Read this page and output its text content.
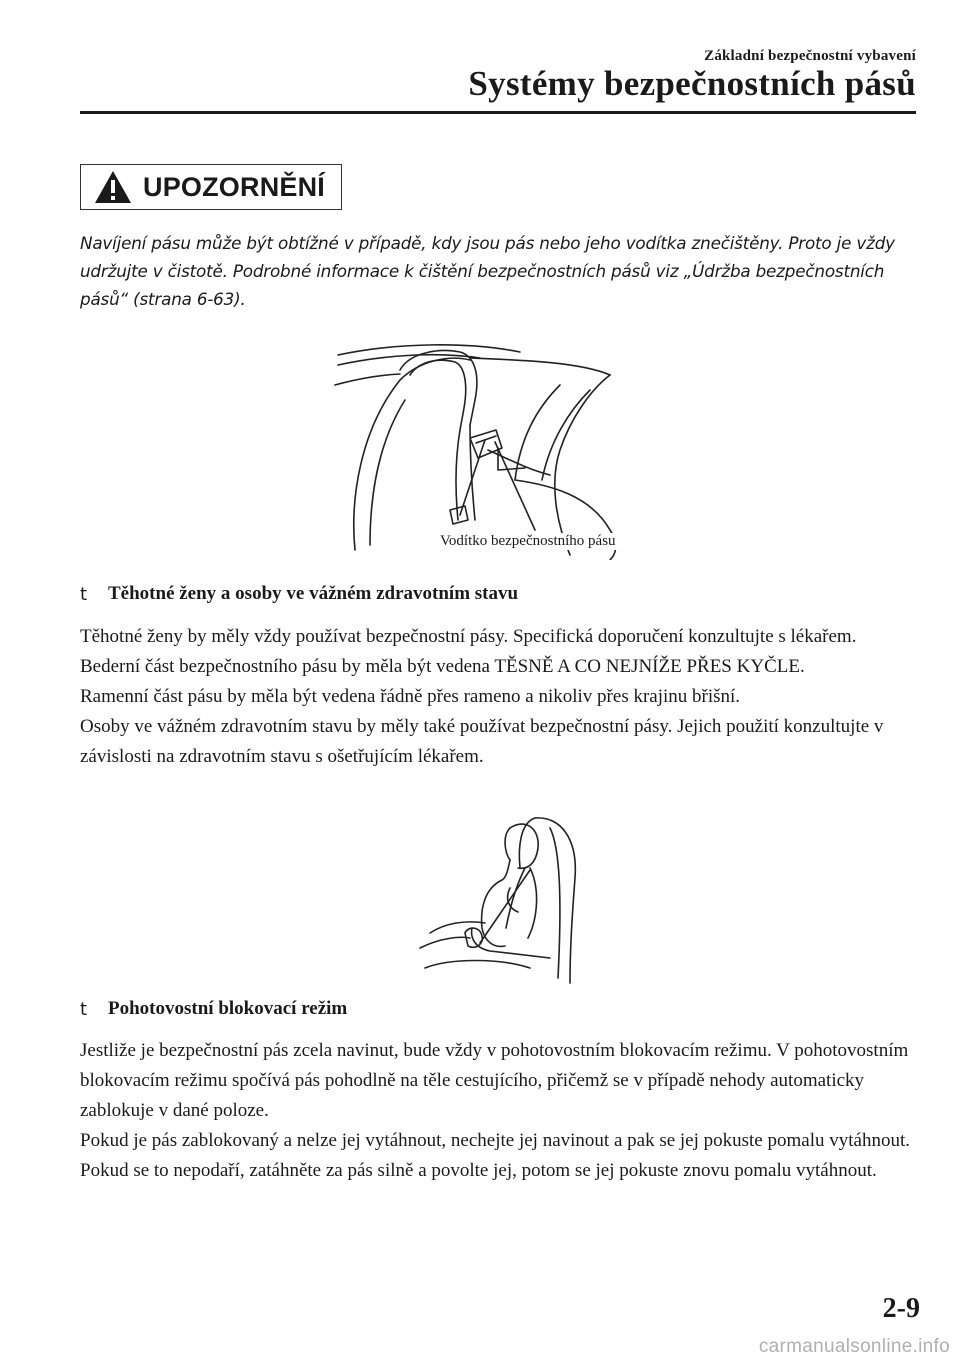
Základní bezpečnostní vybavení
Systémy bezpečnostních pásů
UPOZORNĚNÍ
Navíjení pásu může být obtížné v případě, kdy jsou pás nebo jeho vodítka znečištěny. Proto je vždy udržujte v čistotě. Podrobné informace k čištění bezpečnostních pásů viz „Údržba bezpečnostních pásů“ (strana 6-63).
Vodítko bezpečnostního pásu
t	Těhotné ženy a osoby ve vážném zdravotním stavu

Těhotné ženy by měly vždy používat bezpečnostní pásy. Specifická doporučení konzultujte s lékařem.

Bederní část bezpečnostního pásu by měla být vedena TĚSNĚ A CO NEJNÍŽE PŘES KYČLE.

Ramenní část pásu by měla být vedena řádně přes rameno a nikoliv přes krajinu břišní.

Osoby ve vážném zdravotním stavu by měly také používat bezpečnostní pásy. Jejich použití konzultujte v závislosti na zdravotním stavu s ošetřujícím lékařem.

t	Pohotovostní blokovací režim

Jestliže je bezpečnostní pás zcela navinut, bude vždy v pohotovostním blokovacím režimu. V pohotovostním blokovacím režimu spočívá pás pohodlně na těle cestujícího, přičemž se v případě nehody automaticky zablokuje v dané poloze.

Pokud je pás zablokovaný a nelze jej vytáhnout, nechejte jej navinout a pak se jej pokuste pomalu vytáhnout. Pokud se to nepodaří, zatáhněte za pás silně a povolte jej, potom se jej pokuste znovu pomalu vytáhnout.

2-9
carmanualsonline.info
